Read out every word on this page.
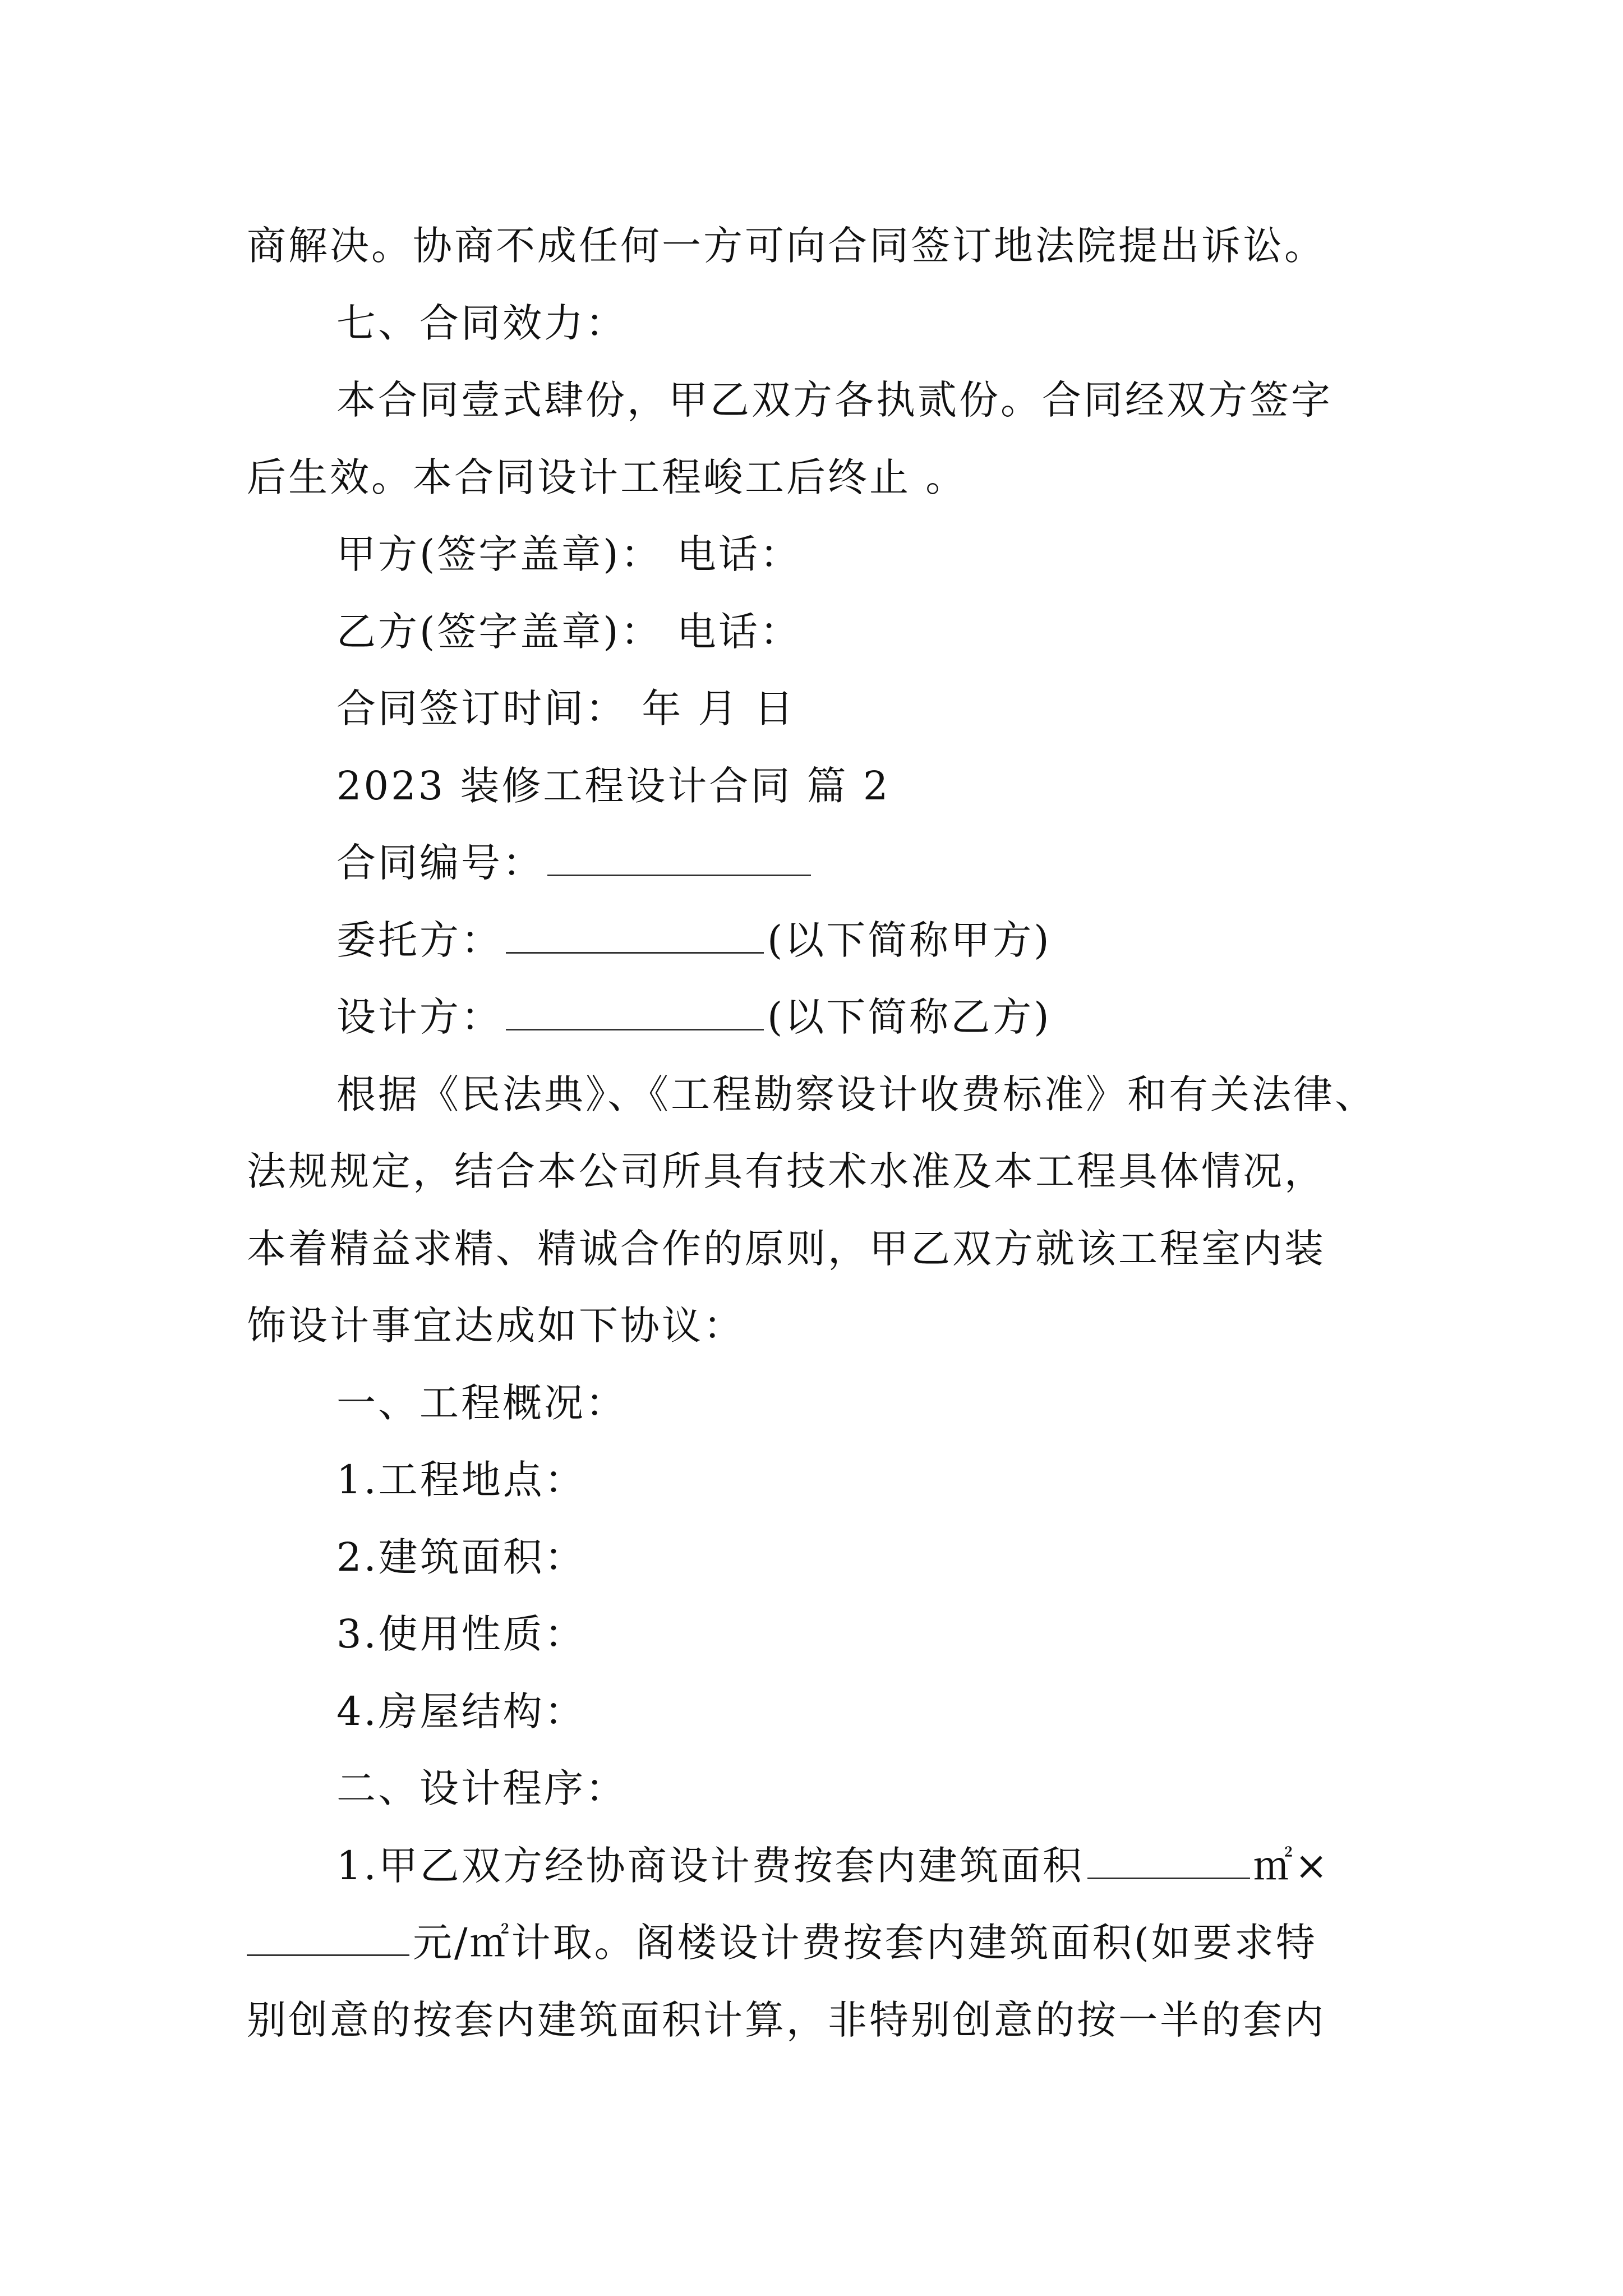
商解决。协商不成任何一方可向合同签订地法院提出诉讼。
七、合同效力：
本合同壹式肆份，甲乙双方各执贰份。合同经双方签字
后生效。本合同设计工程峻工后终止 。
甲方(签字盖章)： 电话：
乙方(签字盖章)： 电话：
合同签订时间： 年 月 日
2023 装修工程设计合同 篇 2
合同编号：
委托方：	(以下简称甲方)
设计方：	(以下简称乙方)
根据《民法典》、《工程勘察设计收费标准》和有关法律、
法规规定，结合本公司所具有技术水准及本工程具体情况，
本着精益求精、精诚合作的原则，甲乙双方就该工程室内装
饰设计事宜达成如下协议：
一、工程概况：
1.工程地点：
2.建筑面积：
3.使用性质：
4.房屋结构：
二、设计程序：
1.甲乙双方经协商设计费按套内建筑面积	㎡×
元/㎡计取。阁楼设计费按套内建筑面积(如要求特
别创意的按套内建筑面积计算，非特别创意的按一半的套内
